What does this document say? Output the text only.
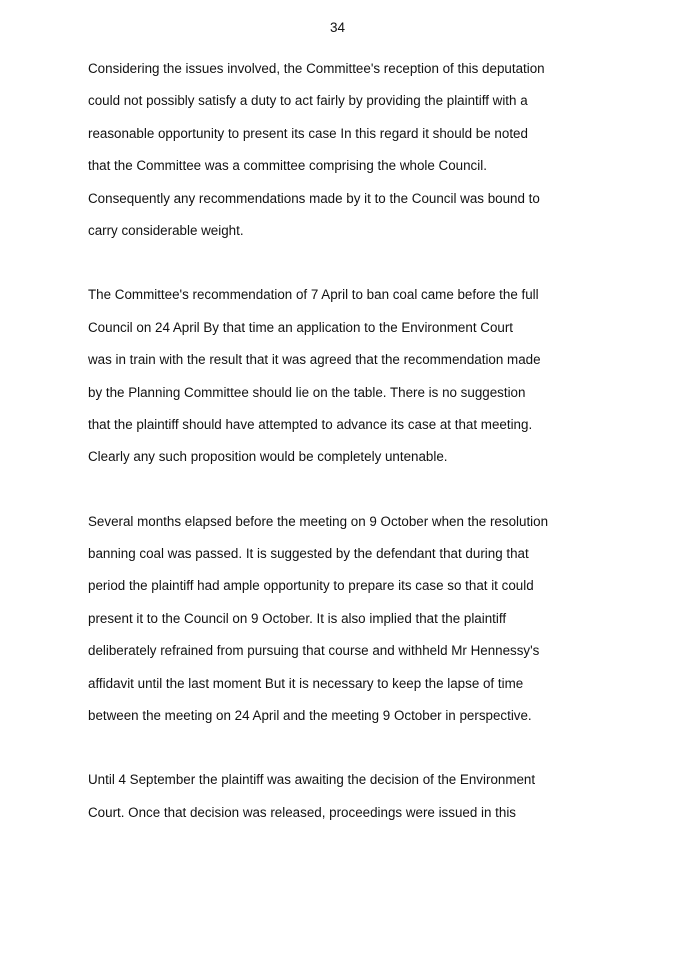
34
Considering the issues involved, the Committee's reception of this deputation
could not possibly satisfy a duty to act fairly by providing the plaintiff with a
reasonable opportunity to present its case In this regard it should be noted
that the Committee was a committee comprising the whole Council.
Consequently any recommendations made by it to the Council was bound to
carry considerable weight.
The Committee's recommendation of 7 April to ban coal came before the full
Council on 24 April By that time an application to the Environment Court
was in train with the result that it was agreed that the recommendation made
by the Planning Committee should lie on the table. There is no suggestion
that the plaintiff should have attempted to advance its case at that meeting.
Clearly any such proposition would be completely untenable.
Several months elapsed before the meeting on 9 October when the resolution
banning coal was passed. It is suggested by the defendant that during that
period the plaintiff had ample opportunity to prepare its case so that it could
present it to the Council on 9 October. It is also implied that the plaintiff
deliberately refrained from pursuing that course and withheld Mr Hennessy's
affidavit until the last moment But it is necessary to keep the lapse of time
between the meeting on 24 April and the meeting 9 October in perspective.
Until 4 September the plaintiff was awaiting the decision of the Environment
Court. Once that decision was released, proceedings were issued in this
